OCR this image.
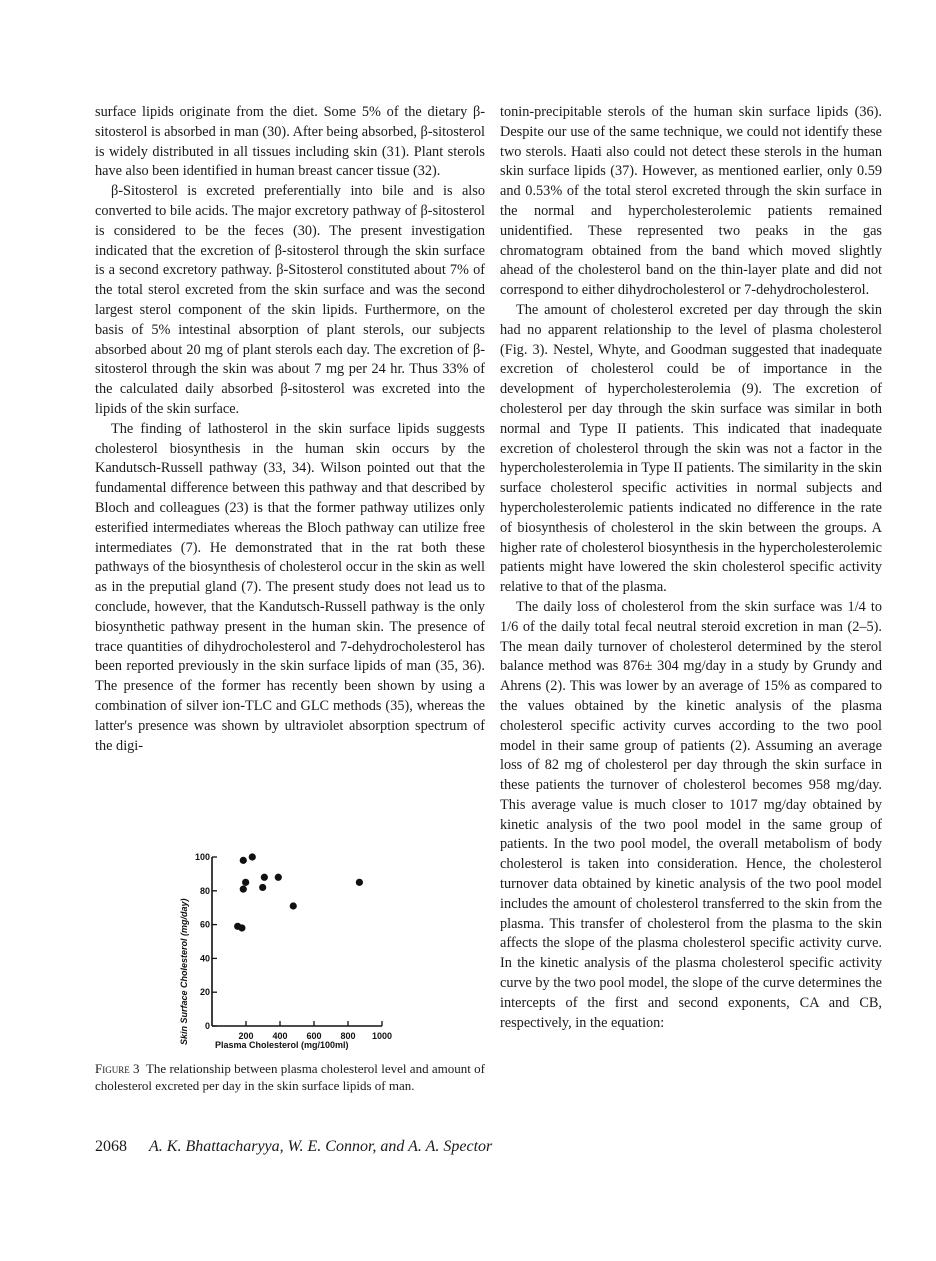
surface lipids originate from the diet. Some 5% of the dietary β-sitosterol is absorbed in man (30). After being absorbed, β-sitosterol is widely distributed in all tissues including skin (31). Plant sterols have also been identified in human breast cancer tissue (32).

β-Sitosterol is excreted preferentially into bile and is also converted to bile acids. The major excretory pathway of β-sitosterol is considered to be the feces (30). The present investigation indicated that the excretion of β-sitosterol through the skin surface is a second excretory pathway. β-Sitosterol constituted about 7% of the total sterol excreted from the skin surface and was the second largest sterol component of the skin lipids. Furthermore, on the basis of 5% intestinal absorption of plant sterols, our subjects absorbed about 20 mg of plant sterols each day. The excretion of β-sitosterol through the skin was about 7 mg per 24 hr. Thus 33% of the calculated daily absorbed β-sitosterol was excreted into the lipids of the skin surface.

The finding of lathosterol in the skin surface lipids suggests cholesterol biosynthesis in the human skin occurs by the Kandutsch-Russell pathway (33, 34). Wilson pointed out that the fundamental difference between this pathway and that described by Bloch and colleagues (23) is that the former pathway utilizes only esterified intermediates whereas the Bloch pathway can utilize free intermediates (7). He demonstrated that in the rat both these pathways of the biosynthesis of cholesterol occur in the skin as well as in the preputial gland (7). The present study does not lead us to conclude, however, that the Kandutsch-Russell pathway is the only biosynthetic pathway present in the human skin. The presence of trace quantities of dihydrocholesterol and 7-dehydrocholesterol has been reported previously in the skin surface lipids of man (35, 36). The presence of the former has recently been shown by using a combination of silver ion-TLC and GLC methods (35), whereas the latter's presence was shown by ultraviolet absorption spectrum of the digi-

tonin-precipitable sterols of the human skin surface lipids (36). Despite our use of the same technique, we could not identify these two sterols. Haati also could not detect these sterols in the human skin surface lipids (37). However, as mentioned earlier, only 0.59 and 0.53% of the total sterol excreted through the skin surface in the normal and hypercholesterolemic patients remained unidentified. These represented two peaks in the gas chromatogram obtained from the band which moved slightly ahead of the cholesterol band on the thin-layer plate and did not correspond to either dihydrocholesterol or 7-dehydrocholesterol.

The amount of cholesterol excreted per day through the skin had no apparent relationship to the level of plasma cholesterol (Fig. 3). Nestel, Whyte, and Goodman suggested that inadequate excretion of cholesterol could be of importance in the development of hypercholesterolemia (9). The excretion of cholesterol per day through the skin surface was similar in both normal and Type II patients. This indicated that inadequate excretion of cholesterol through the skin was not a factor in the hypercholesterolemia in Type II patients. The similarity in the skin surface cholesterol specific activities in normal subjects and hypercholesterolemic patients indicated no difference in the rate of biosynthesis of cholesterol in the skin between the groups. A higher rate of cholesterol biosynthesis in the hypercholesterolemic patients might have lowered the skin cholesterol specific activity relative to that of the plasma.

The daily loss of cholesterol from the skin surface was 1/4 to 1/6 of the daily total fecal neutral steroid excretion in man (2–5). The mean daily turnover of cholesterol determined by the sterol balance method was 876± 304 mg/day in a study by Grundy and Ahrens (2). This was lower by an average of 15% as compared to the values obtained by the kinetic analysis of the plasma cholesterol specific activity curves according to the two pool model in their same group of patients (2). Assuming an average loss of 82 mg of cholesterol per day through the skin surface in these patients the turnover of cholesterol becomes 958 mg/day. This average value is much closer to 1017 mg/day obtained by kinetic analysis of the two pool model in the same group of patients. In the two pool model, the overall metabolism of body cholesterol is taken into consideration. Hence, the cholesterol turnover data obtained by kinetic analysis of the two pool model includes the amount of cholesterol transferred to the skin from the plasma. This transfer of cholesterol from the plasma to the skin affects the slope of the plasma cholesterol specific activity curve. In the kinetic analysis of the plasma cholesterol specific activity curve by the two pool model, the slope of the curve determines the intercepts of the first and second exponents, CA and CB, respectively, in the equation:

200 400 600 800 1000
0
20
40
60
80
100
Plasma Cholesterol (mg/100ml)
Skin Surface Cholesterol (mg/day)
Figure 3 The relationship between plasma cholesterol level and amount of cholesterol excreted per day in the skin surface lipids of man.
2068 A. K. Bhattacharyya, W. E. Connor, and A. A. Spector
